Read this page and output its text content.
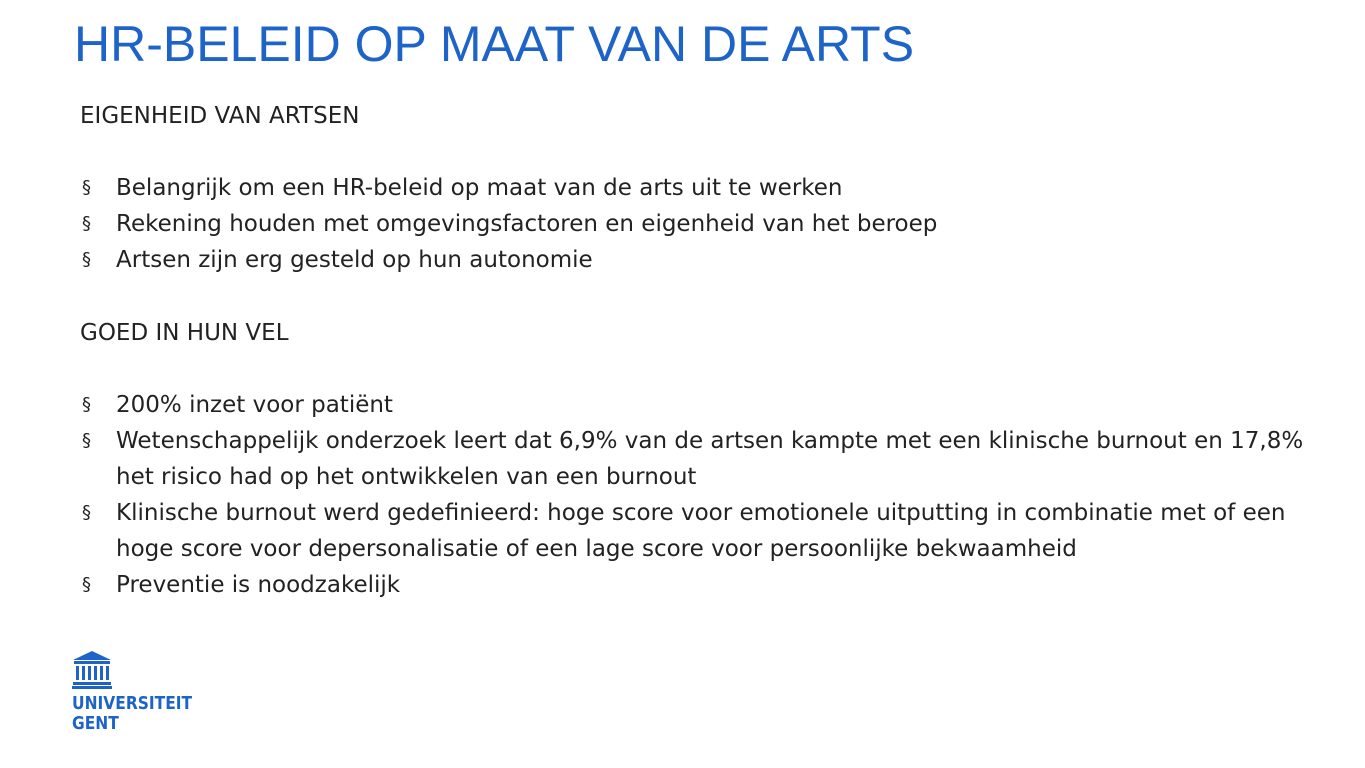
HR-BELEID OP MAAT VAN DE ARTS
EIGENHEID VAN ARTSEN
§ Belangrijk om een HR-beleid op maat van de arts uit te werken
§ Rekening houden met omgevingsfactoren en eigenheid van het beroep
§ Artsen zijn erg gesteld op hun autonomie
GOED IN HUN VEL
§ 200% inzet voor patiënt
§ Wetenschappelijk onderzoek leert dat 6,9% van de artsen kampte met een klinische burnout en 17,8% het risico had op het ontwikkelen van een burnout
§ Klinische burnout werd gedefinieerd: hoge score voor emotionele uitputting in combinatie met of een hoge score voor depersonalisatie of een lage score voor persoonlijke bekwaamheid
§ Preventie is noodzakelijk
UNIVERSITEIT
GENT
